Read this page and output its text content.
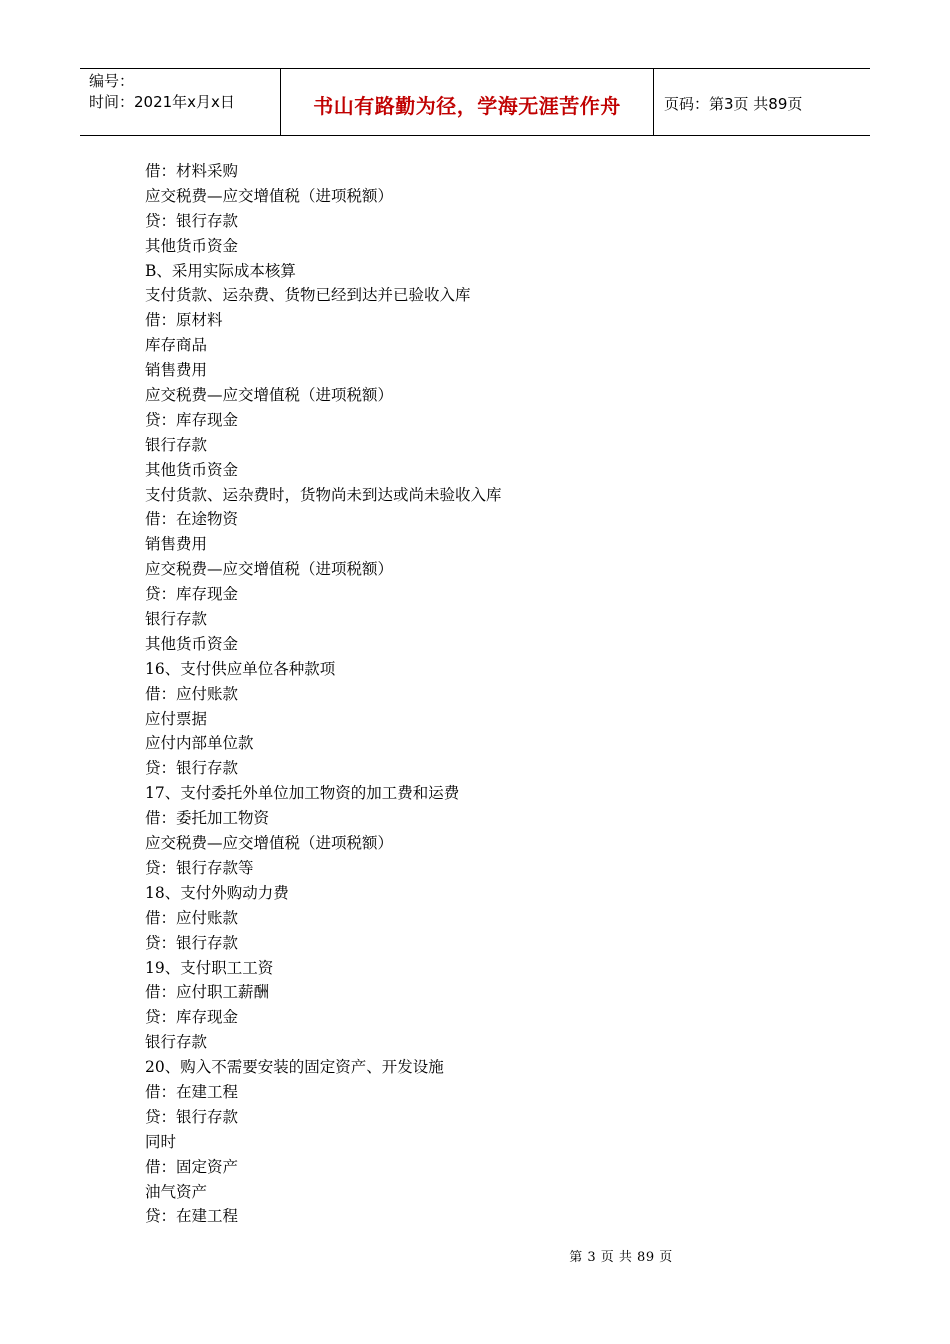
编号：
时间：2021年x月x日	书山有路勤为径，学海无涯苦作舟	页码：第3页 共89页
借：材料采购
应交税费—应交增值税（进项税额）
贷：银行存款
其他货币资金
B、采用实际成本核算
支付货款、运杂费、货物已经到达并已验收入库
借：原材料
库存商品
销售费用
应交税费—应交增值税（进项税额）
贷：库存现金
银行存款
其他货币资金
支付货款、运杂费时，货物尚未到达或尚未验收入库
借：在途物资
销售费用
应交税费—应交增值税（进项税额）
贷：库存现金
银行存款
其他货币资金
16、支付供应单位各种款项
借：应付账款
应付票据
应付内部单位款
贷：银行存款
17、支付委托外单位加工物资的加工费和运费
借：委托加工物资
应交税费—应交增值税（进项税额）
贷：银行存款等
18、支付外购动力费
借：应付账款
贷：银行存款
19、支付职工工资
借：应付职工薪酬
贷：库存现金
银行存款
20、购入不需要安装的固定资产、开发设施
借：在建工程
贷：银行存款
同时
借：固定资产
油气资产
贷：在建工程
第 3 页 共 89 页
